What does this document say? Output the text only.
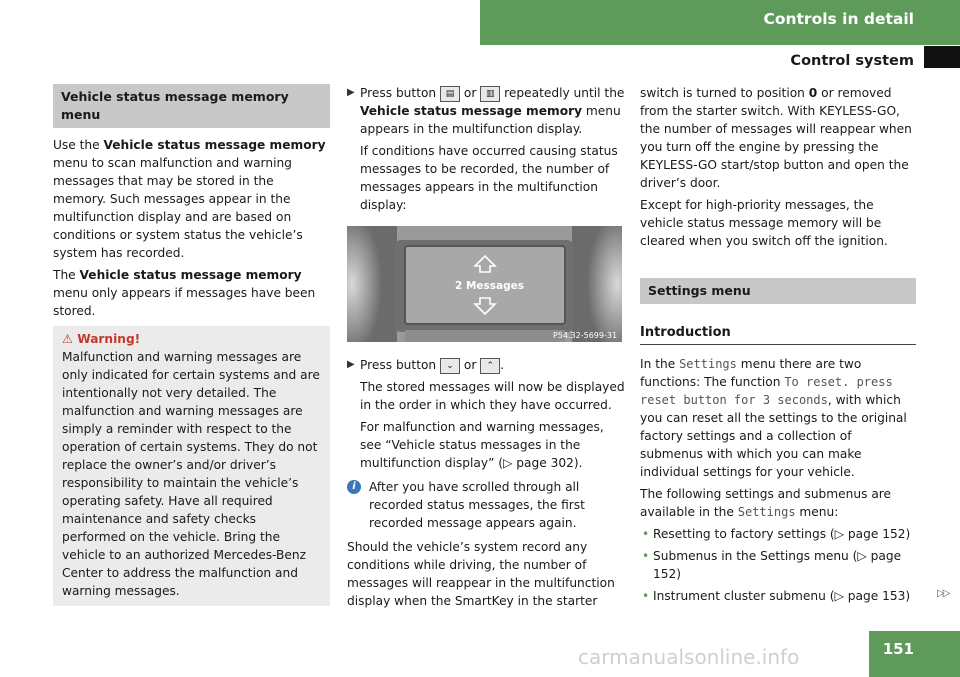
Controls in detail
Control system
Vehicle status message memory menu

Use the Vehicle status message memory menu to scan malfunction and warning messages that may be stored in the memory. Such messages appear in the multifunction display and are based on conditions or system status the vehicle’s system has recorded.

The Vehicle status message memory menu only appears if messages have been stored.

⚠ Warning!
Malfunction and warning messages are only indicated for certain systems and are intentionally not very detailed. The malfunction and warning messages are simply a reminder with respect to the operation of certain systems. They do not replace the owner’s and/or driver’s responsibility to maintain the vehicle’s operating safety. Have all required maintenance and safety checks performed on the vehicle. Bring the vehicle to an authorized Mercedes-Benz Center to address the malfunction and warning messages.
▶ Press button ▤ or ▥ repeatedly until the Vehicle status message memory menu appears in the multifunction display.

If conditions have occurred causing status messages to be recorded, the number of messages appears in the multifunction display:

2 Messages
P54.32-5699-31
▶ Press button ⌄ or ⌃ .

The stored messages will now be displayed in the order in which they have occurred.

For malfunction and warning messages, see “Vehicle status messages in the multifunction display” (▷ page 302).

i	After you have scrolled through all recorded status messages, the first recorded message appears again.

Should the vehicle’s system record any conditions while driving, the number of messages will reappear in the multifunction display when the SmartKey in the starter

switch is turned to position 0 or removed from the starter switch. With KEYLESS-GO, the number of messages will reappear when you turn off the engine by pressing the KEYLESS-GO start/stop button and open the driver’s door.

Except for high-priority messages, the vehicle status message memory will be cleared when you switch off the ignition.

Settings menu
Introduction

In the Settings menu there are two functions: The function To reset. press reset button for 3 seconds, with which you can reset all the settings to the original factory settings and a collection of submenus with which you can make individual settings for your vehicle.

The following settings and submenus are available in the Settings menu:

• Resetting to factory settings (▷ page 152)
• Submenus in the Settings menu (▷ page 152)
• Instrument cluster submenu (▷ page 153)	▷▷
151
carmanualsonline.info
